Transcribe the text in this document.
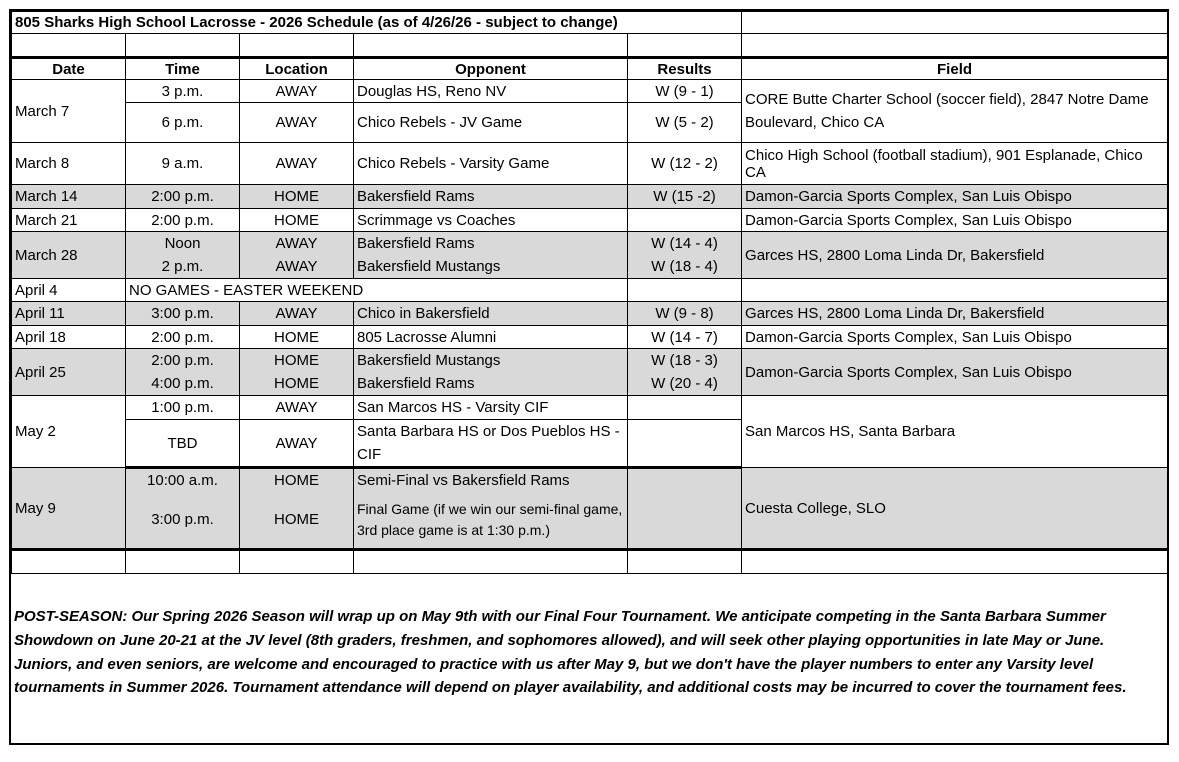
805 Sharks High School Lacrosse - 2026 Schedule (as of 4/26/26 - subject to change)					

Date	Time	Location	Opponent	Results	Field
March 7	3 p.m.	AWAY	Douglas HS, Reno NV	W (9 - 1)	CORE Butte Charter School (soccer field), 2847 Notre Dame Boulevard, Chico CA
	6 p.m.	AWAY	Chico Rebels - JV Game	W (5 - 2)	
March 8	9 a.m.	AWAY	Chico Rebels - Varsity Game	W (12 - 2)	Chico High School (football stadium), 901 Esplanade, Chico CA
March 14	2:00 p.m.	HOME	Bakersfield Rams	W (15 -2)	Damon-Garcia Sports Complex, San Luis Obispo
March 21	2:00 p.m.	HOME	Scrimmage vs Coaches		Damon-Garcia Sports Complex, San Luis Obispo
March 28	Noon	AWAY	Bakersfield Rams	W (14 - 4)	Garces HS, 2800 Loma Linda Dr, Bakersfield
	2 p.m.	AWAY	Bakersfield Mustangs	W (18 - 4)	
April 4	NO GAMES - EASTER WEEKEND				
April 11	3:00 p.m.	AWAY	Chico in Bakersfield	W (9 - 8)	Garces HS, 2800 Loma Linda Dr, Bakersfield
April 18	2:00 p.m.	HOME	805 Lacrosse Alumni	W (14 - 7)	Damon-Garcia Sports Complex, San Luis Obispo
April 25	2:00 p.m.	HOME	Bakersfield Mustangs	W (18 - 3)	Damon-Garcia Sports Complex, San Luis Obispo
	4:00 p.m.	HOME	Bakersfield Rams	W (20 - 4)	
May 2	1:00 p.m.	AWAY	San Marcos HS - Varsity CIF		San Marcos HS, Santa Barbara
	TBD	AWAY	Santa Barbara HS or Dos Pueblos HS - CIF		
May 9	10:00 a.m.	HOME	Semi-Final vs Bakersfield Rams		Cuesta College, SLO
	3:00 p.m.	HOME	Final Game (if we win our semi-final game, 3rd place game is at 1:30 p.m.)		

POST-SEASON: Our Spring 2026 Season will wrap up on May 9th with our Final Four Tournament. We anticipate competing in the Santa Barbara Summer Showdown on June 20-21 at the JV level (8th graders, freshmen, and sophomores allowed), and will seek other playing opportunities in late May or June. Juniors, and even seniors, are welcome and encouraged to practice with us after May 9, but we don't have the player numbers to enter any Varsity level tournaments in Summer 2026. Tournament attendance will depend on player availability, and additional costs may be incurred to cover the tournament fees.
